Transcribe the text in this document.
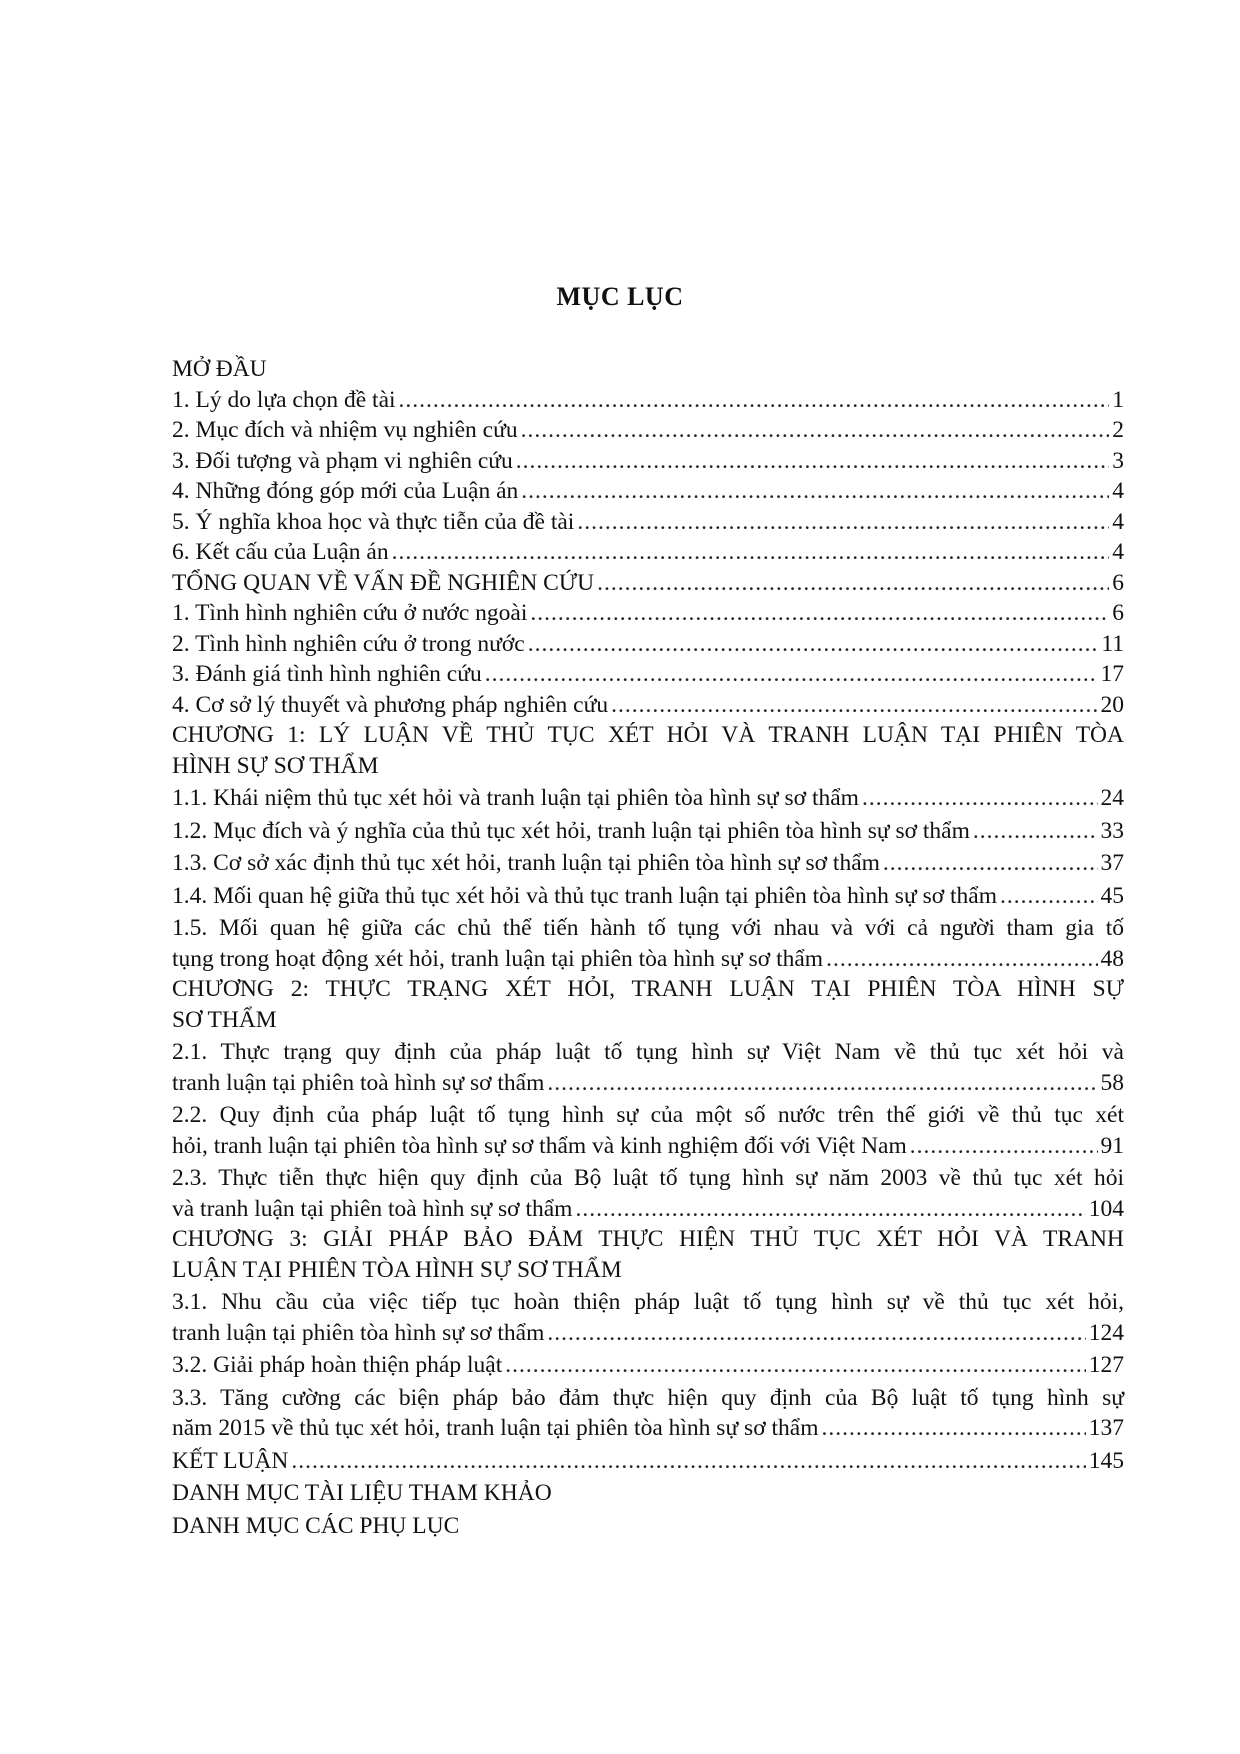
MỤC LỤC
MỞ ĐẦU
1. Lý do lựa chọn đề tài .....	1
2. Mục đích và nhiệm vụ nghiên cứu .....	2
3. Đối tượng và phạm vi nghiên cứu .....	3
4. Những đóng góp mới của Luận án .....	4
5. Ý nghĩa khoa học và thực tiễn của đề tài .....	4
6. Kết cấu của Luận án .....	4
TỔNG QUAN VỀ VẤN ĐỀ NGHIÊN CỨU .....	6
1. Tình hình nghiên cứu ở nước ngoài .....	6
2. Tình hình nghiên cứu ở trong nước .....	11
3. Đánh giá tình hình nghiên cứu .....	17
4. Cơ sở lý thuyết và phương pháp nghiên cứu .....	20
CHƯƠNG 1: LÝ LUẬN VỀ THỦ TỤC XÉT HỎI VÀ TRANH LUẬN TẠI PHIÊN TÒA
HÌNH SỰ SƠ THẨM
1.1. Khái niệm thủ tục xét hỏi và tranh luận tại phiên tòa hình sự sơ thẩm .....	24
1.2. Mục đích và ý nghĩa của thủ tục xét hỏi, tranh luận tại phiên tòa hình sự sơ thẩm .....	33
1.3. Cơ sở xác định thủ tục xét hỏi, tranh luận tại phiên tòa hình sự sơ thẩm .....	37
1.4. Mối quan hệ giữa thủ tục xét hỏi và thủ tục tranh luận tại phiên tòa hình sự sơ thẩm .....	45
1.5. Mối quan hệ giữa các chủ thể tiến hành tố tụng với nhau và với cả người tham gia tố
tụng trong hoạt động xét hỏi, tranh luận tại phiên tòa hình sự sơ thẩm .....	48
CHƯƠNG 2: THỰC TRẠNG XÉT HỎI, TRANH LUẬN TẠI PHIÊN TÒA HÌNH SỰ
SƠ THẨM
2.1. Thực trạng quy định của pháp luật tố tụng hình sự Việt Nam về thủ tục xét hỏi và
tranh luận tại phiên toà hình sự sơ thẩm .....	58
2.2. Quy định của pháp luật tố tụng hình sự của một số nước trên thế giới về thủ tục xét
hỏi, tranh luận tại phiên tòa hình sự sơ thẩm và kinh nghiệm đối với Việt Nam .....	91
2.3. Thực tiễn thực hiện quy định của Bộ luật tố tụng hình sự năm 2003 về thủ tục xét hỏi
và tranh luận tại phiên toà hình sự sơ thẩm .....	104
CHƯƠNG 3: GIẢI PHÁP BẢO ĐẢM THỰC HIỆN THỦ TỤC XÉT HỎI VÀ TRANH
LUẬN TẠI PHIÊN TÒA HÌNH SỰ SƠ THẨM
3.1. Nhu cầu của việc tiếp tục hoàn thiện pháp luật tố tụng hình sự về thủ tục xét hỏi,
tranh luận tại phiên tòa hình sự sơ thẩm .....	124
3.2. Giải pháp hoàn thiện pháp luật .....	127
3.3. Tăng cường các biện pháp bảo đảm thực hiện quy định của Bộ luật tố tụng hình sự
năm 2015 về thủ tục xét hỏi, tranh luận tại phiên tòa hình sự sơ thẩm .....	137
KẾT LUẬN .....	145
DANH MỤC TÀI LIỆU THAM KHẢO
DANH MỤC CÁC PHỤ LỤC
